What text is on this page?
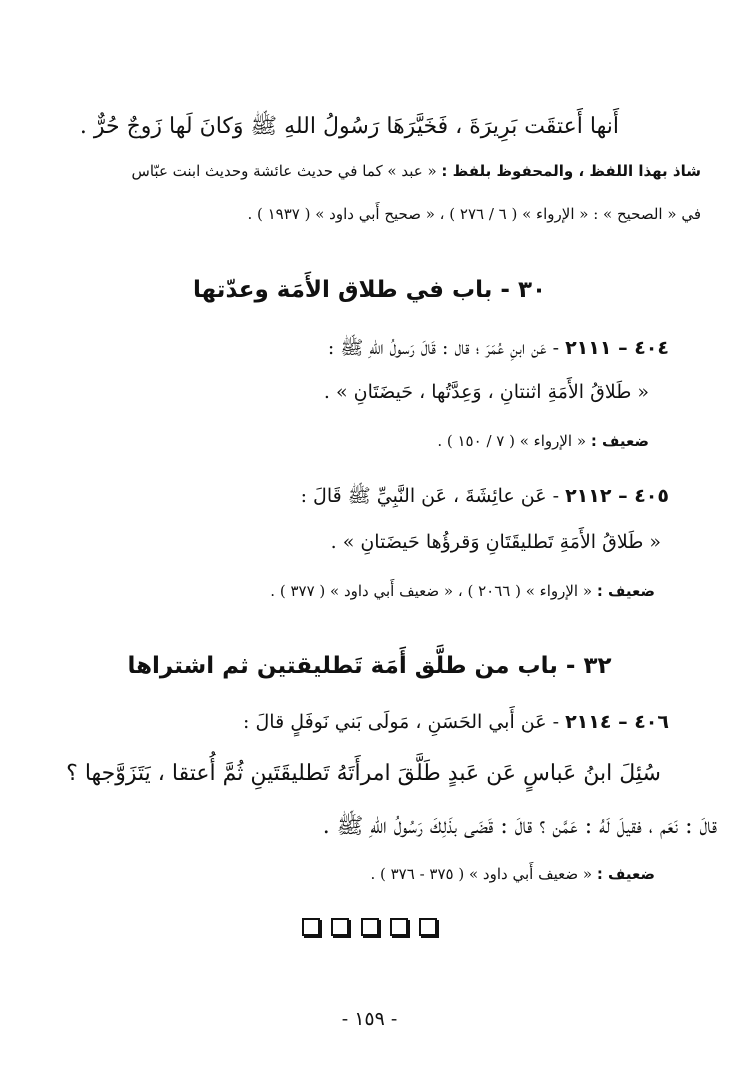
أَنها أَعتقَت بَرِيرَةَ ، فَخَيَّرَهَا رَسُولُ اللهِ ﷺ وَكانَ لَها زَوجٌ حُرٌّ .
شاذ بهذا اللفظ ، والمحفوظ بلفظ : « عبد » كما في حديث عائشة وحديث ابنت عبّاس
في « الصحيح » : « الإرواء » ( ٦ / ٢٧٦ ) ، « صحيح أَبي داود » ( ١٩٣٧ ) .
٣٠ - باب في طلاق الأَمَة وعدّتها
٤٠٤ – ٢١١١ - عَن ابنِ عُمَرَ ؛ قال : قَالَ رَسولُ اللهِ ﷺ :
« طَلاقُ الأَمَةِ اثنتانِ ، وَعِدَّتُها ، حَيضَتَانِ » .
ضعيف : « الإرواء » ( ٧ / ١٥٠ ) .
٤٠٥ – ٢١١٢ - عَن عائِشَةَ ، عَن النَّبِيِّ ﷺ قَالَ :
« طَلاقُ الأَمَةِ تَطليقَتَانِ وَقرؤُها حَيضَتانِ » .
ضعيف : « الإرواء » ( ٢٠٦٦ ) ، « ضعيف أَبي داود » ( ٣٧٧ ) .
٣٢ - باب من طلَّق أَمَة تَطليقتين ثم اشتراها
٤٠٦ – ٢١١٤ - عَن أَبي الحَسَنِ ، مَولَى بَني نَوفَلٍ قالَ :
سُئِلَ ابنُ عَباسٍ عَن عَبدٍ طَلَّقَ امرأَتَهُ تَطليقَتَينِ ثُمَّ أُعتقا ، يَتَزَوَّجها ؟
قالَ : نَعَم ، فقيلَ لَهُ : عَمَّن ؟ قالَ : قَضَى بذَلِكَ رَسُولُ اللهِ ﷺ .
ضعيف : « ضعيف أَبي داود » ( ٣٧٥ - ٣٧٦ ) .

- ١٥٩ -
